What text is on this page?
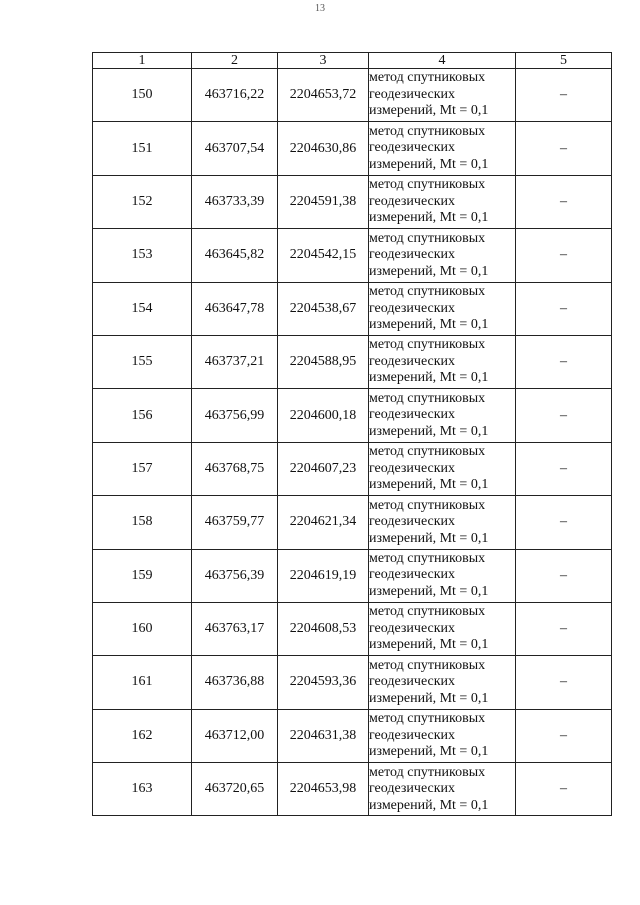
13
1	2	3	4	5
150	463716,22	2204653,72	метод спутниковых
геодезических
измерений, Mt = 0,1	–
151	463707,54	2204630,86	метод спутниковых
геодезических
измерений, Mt = 0,1	–
152	463733,39	2204591,38	метод спутниковых
геодезических
измерений, Mt = 0,1	–
153	463645,82	2204542,15	метод спутниковых
геодезических
измерений, Mt = 0,1	–
154	463647,78	2204538,67	метод спутниковых
геодезических
измерений, Mt = 0,1	–
155	463737,21	2204588,95	метод спутниковых
геодезических
измерений, Mt = 0,1	–
156	463756,99	2204600,18	метод спутниковых
геодезических
измерений, Mt = 0,1	–
157	463768,75	2204607,23	метод спутниковых
геодезических
измерений, Mt = 0,1	–
158	463759,77	2204621,34	метод спутниковых
геодезических
измерений, Mt = 0,1	–
159	463756,39	2204619,19	метод спутниковых
геодезических
измерений, Mt = 0,1	–
160	463763,17	2204608,53	метод спутниковых
геодезических
измерений, Mt = 0,1	–
161	463736,88	2204593,36	метод спутниковых
геодезических
измерений, Mt = 0,1	–
162	463712,00	2204631,38	метод спутниковых
геодезических
измерений, Mt = 0,1	–
163	463720,65	2204653,98	метод спутниковых
геодезических
измерений, Mt = 0,1	–
